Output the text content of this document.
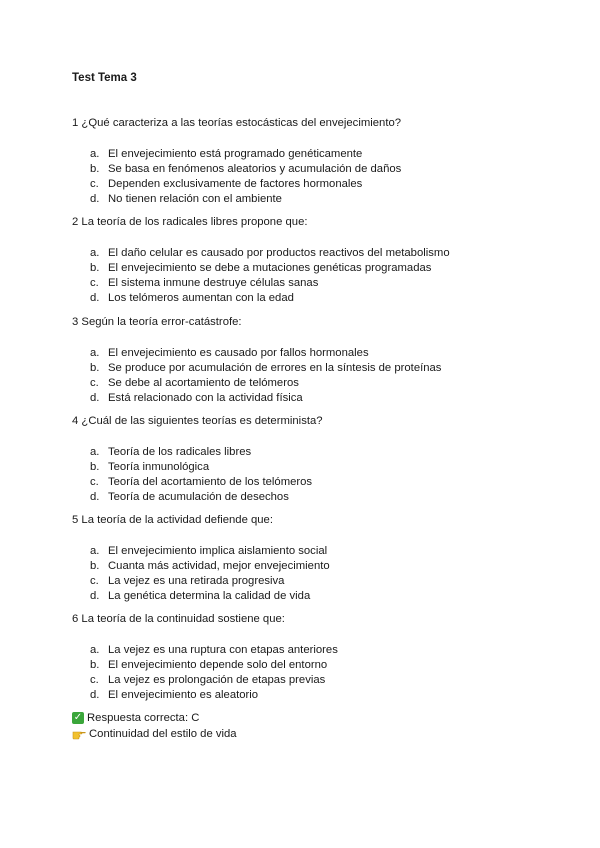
Test Tema 3
1 ¿Qué caracteriza a las teorías estocásticas del envejecimiento?
a. El envejecimiento está programado genéticamente
b. Se basa en fenómenos aleatorios y acumulación de daños
c. Dependen exclusivamente de factores hormonales
d. No tienen relación con el ambiente
2 La teoría de los radicales libres propone que:
a. El daño celular es causado por productos reactivos del metabolismo
b. El envejecimiento se debe a mutaciones genéticas programadas
c. El sistema inmune destruye células sanas
d. Los telómeros aumentan con la edad
3 Según la teoría error-catástrofe:
a. El envejecimiento es causado por fallos hormonales
b. Se produce por acumulación de errores en la síntesis de proteínas
c. Se debe al acortamiento de telómeros
d. Está relacionado con la actividad física
4 ¿Cuál de las siguientes teorías es determinista?
a. Teoría de los radicales libres
b. Teoría inmunológica
c. Teoría del acortamiento de los telómeros
d. Teoría de acumulación de desechos
5 La teoría de la actividad defiende que:
a. El envejecimiento implica aislamiento social
b. Cuanta más actividad, mejor envejecimiento
c. La vejez es una retirada progresiva
d. La genética determina la calidad de vida
6 La teoría de la continuidad sostiene que:
a. La vejez es una ruptura con etapas anteriores
b. El envejecimiento depende solo del entorno
c. La vejez es prolongación de etapas previas
d. El envejecimiento es aleatorio
✓ Respuesta correcta: C
Continuidad del estilo de vida
